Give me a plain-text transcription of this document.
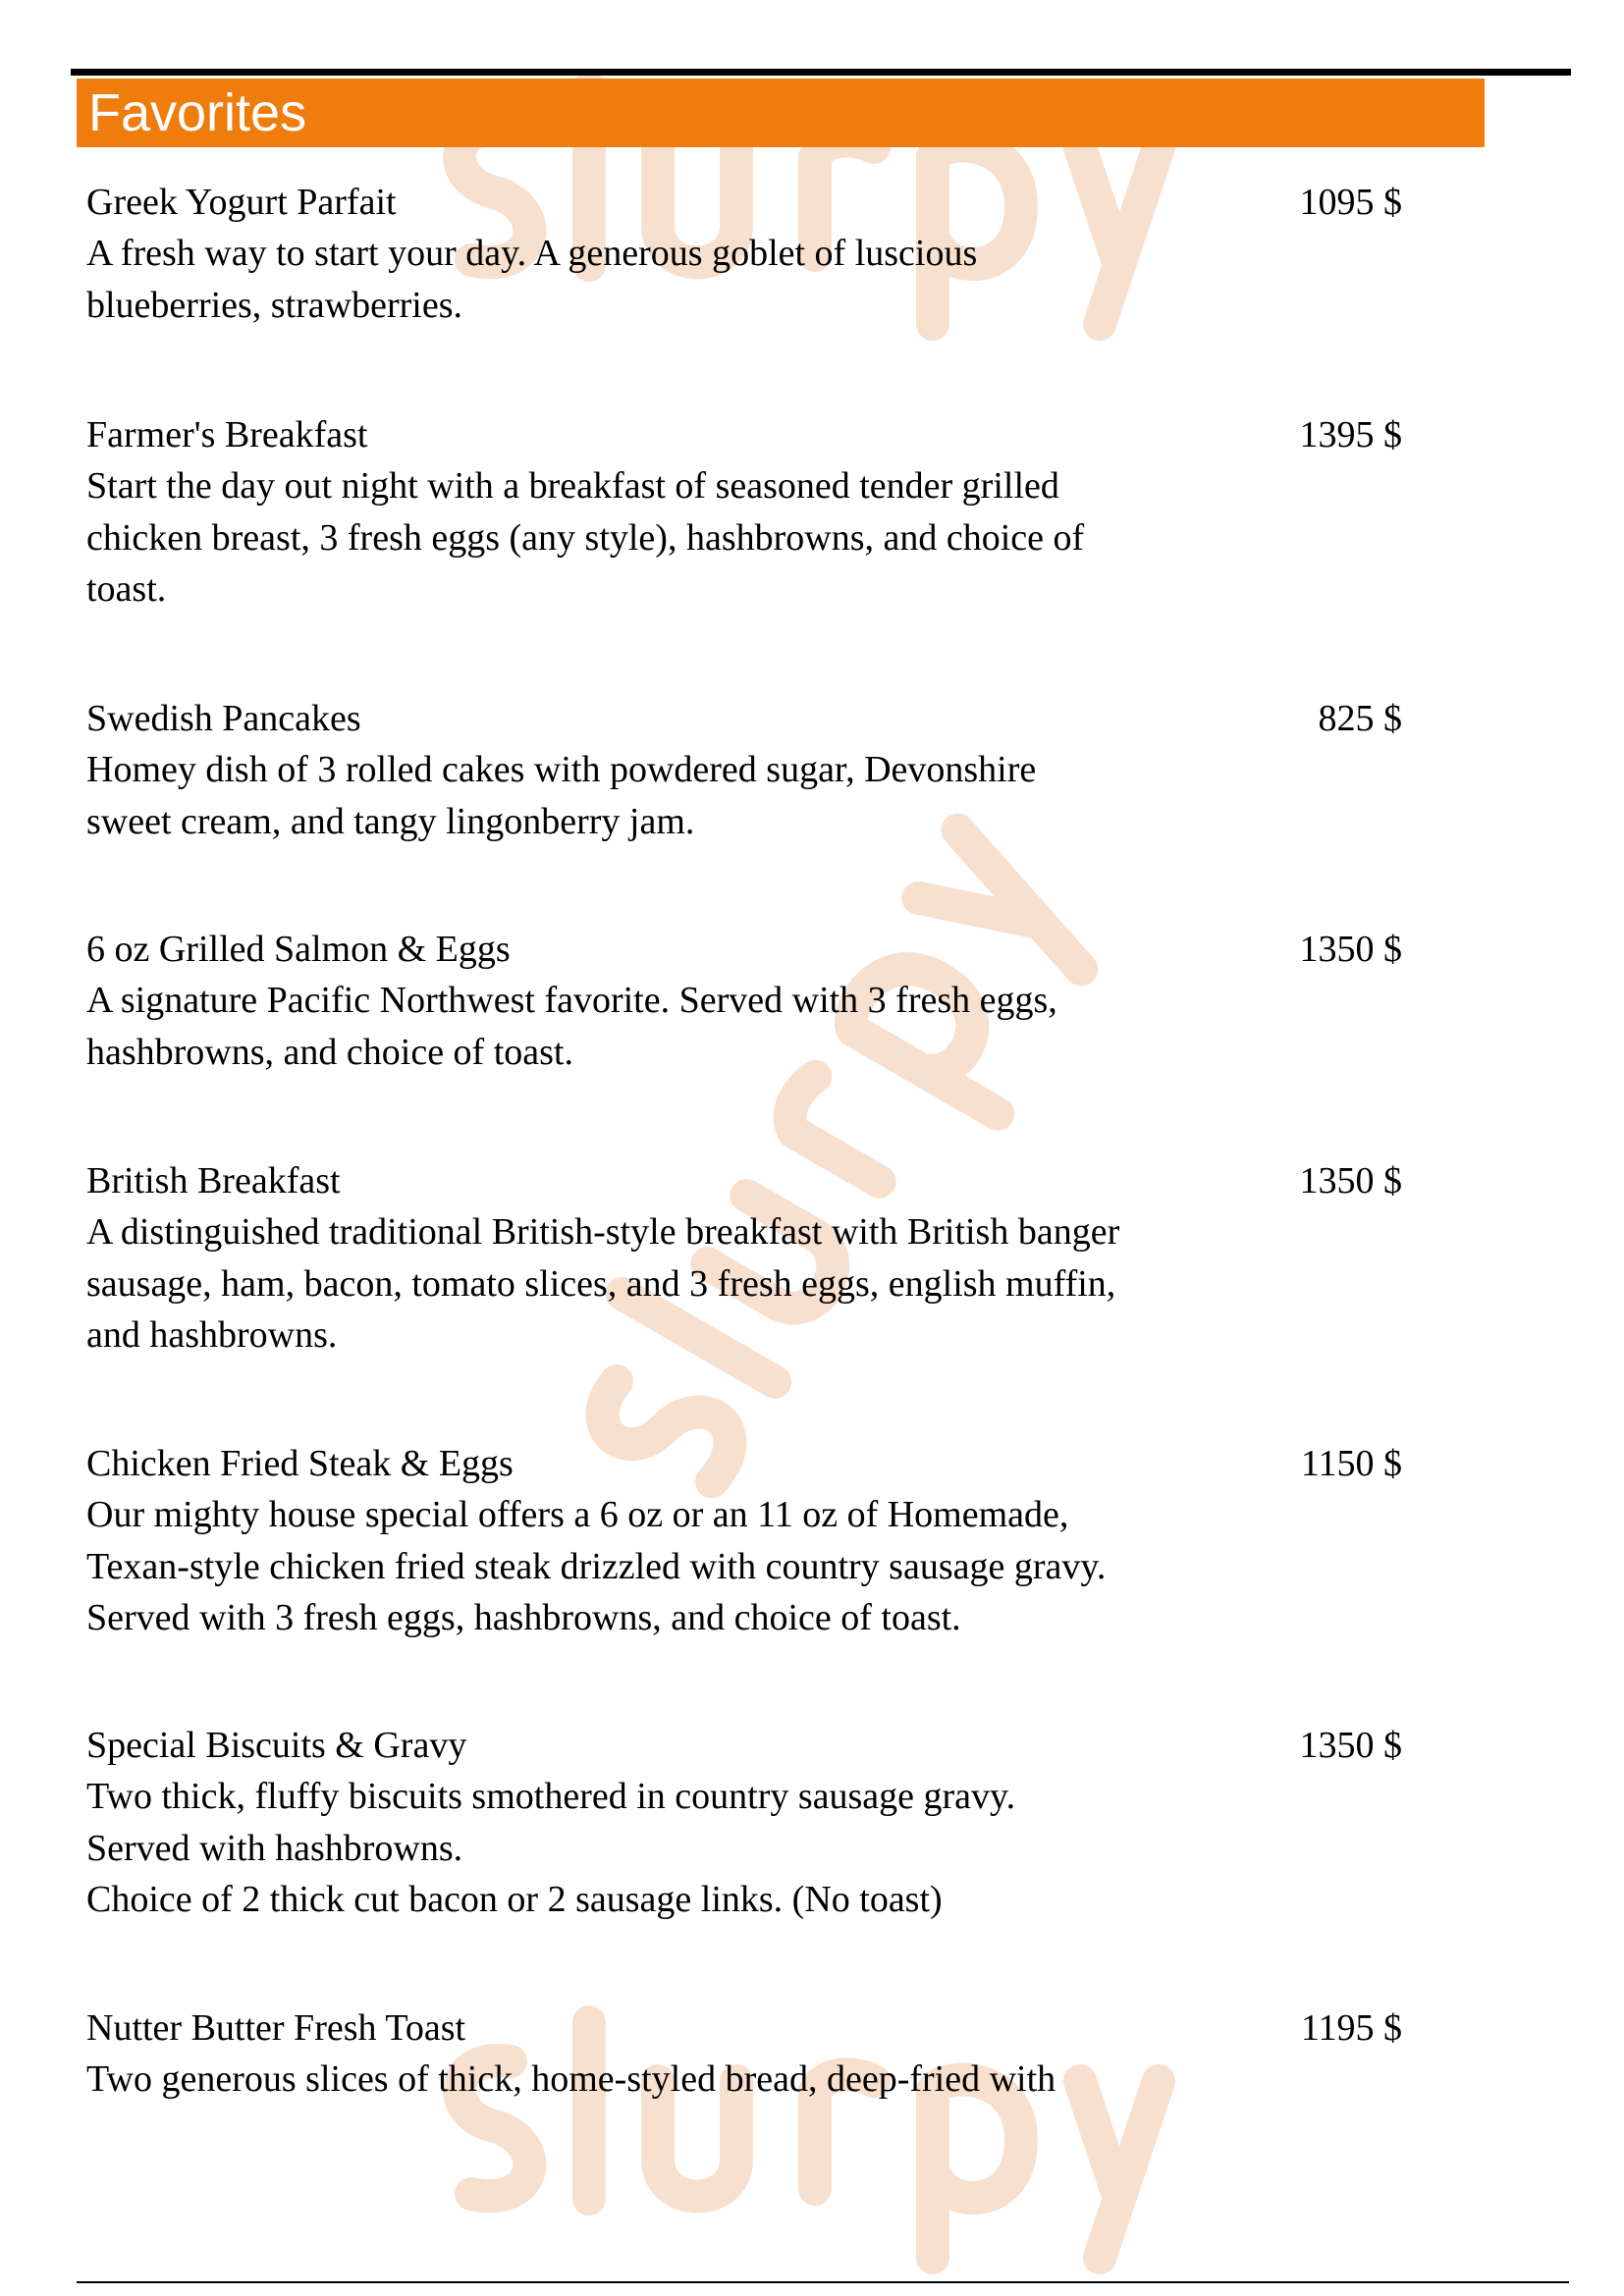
Favorites
Greek Yogurt Parfait	1095 $

A fresh way to start your day. A generous goblet of luscious
blueberries, strawberries.

Farmer's Breakfast	1395 $

Start the day out night with a breakfast of seasoned tender grilled
chicken breast, 3 fresh eggs (any style), hashbrowns, and choice of
toast.

Swedish Pancakes	825 $

Homey dish of 3 rolled cakes with powdered sugar, Devonshire
sweet cream, and tangy lingonberry jam.

6 oz Grilled Salmon & Eggs	1350 $

A signature Pacific Northwest favorite. Served with 3 fresh eggs,
hashbrowns, and choice of toast.

British Breakfast	1350 $

A distinguished traditional British-style breakfast with British banger
sausage, ham, bacon, tomato slices, and 3 fresh eggs, english muffin,
and hashbrowns.

Chicken Fried Steak & Eggs	1150 $

Our mighty house special offers a 6 oz or an 11 oz of Homemade,
Texan-style chicken fried steak drizzled with country sausage gravy.
Served with 3 fresh eggs, hashbrowns, and choice of toast.

Special Biscuits & Gravy	1350 $

Two thick, fluffy biscuits smothered in country sausage gravy.
Served with hashbrowns.
Choice of 2 thick cut bacon or 2 sausage links. (No toast)

Nutter Butter Fresh Toast	1195 $

Two generous slices of thick, home-styled bread, deep-fried with
